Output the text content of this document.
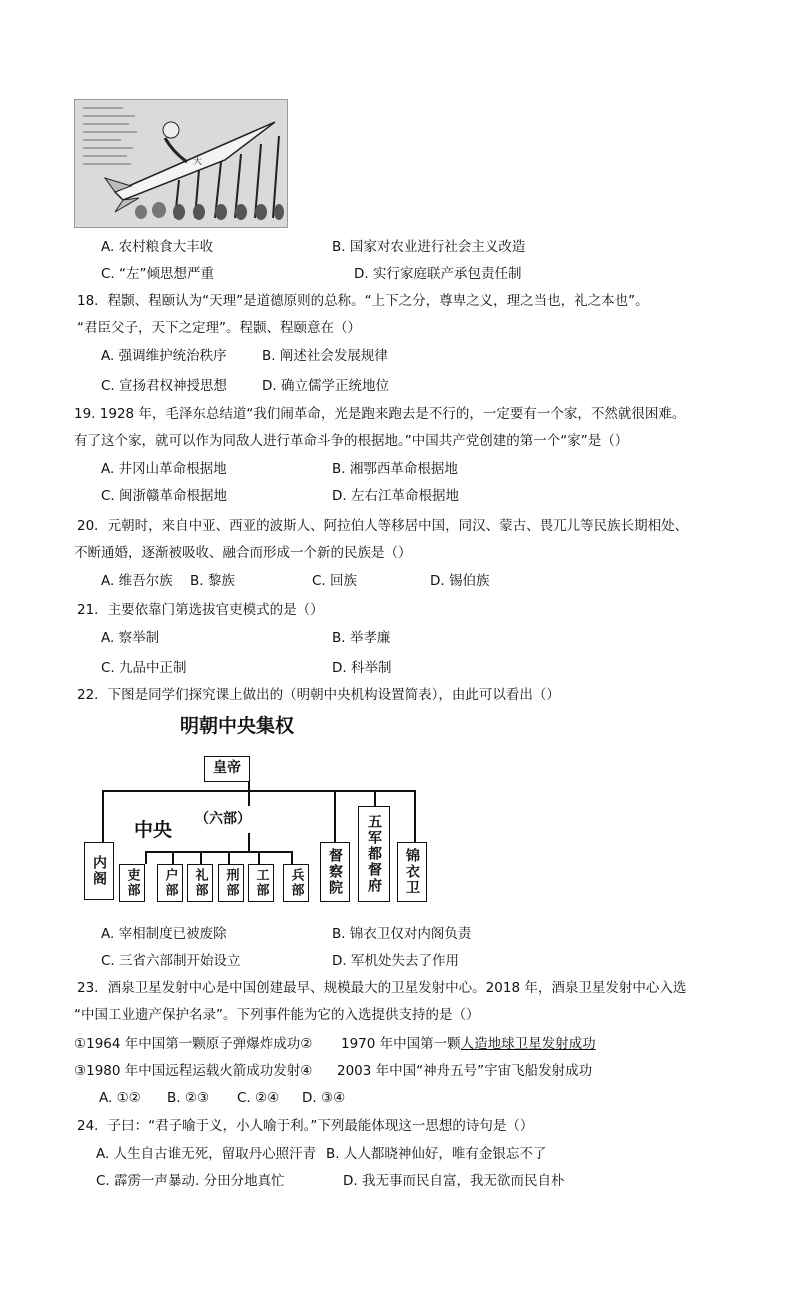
大
A. 农村粮食大丰收	B. 国家对农业进行社会主义改造
C. “左”倾思想严重	D. 实行家庭联产承包责任制
18．程颢、程颐认为“天理”是道德原则的总称。“上下之分，尊卑之义，理之当也，礼之本也”。
“君臣父子，天下之定理”。程颢、程颐意在（）
A. 强调维护统治秩序	B. 阐述社会发展规律
C. 宣扬君权神授思想	D. 确立儒学正统地位
19. 1928 年，毛泽东总结道“我们闹革命，光是跑来跑去是不行的，一定要有一个家，不然就很困难。
有了这个家，就可以作为同敌人进行革命斗争的根据地。”中国共产党创建的第一个“家”是（）
A. 井冈山革命根据地	B. 湘鄂西革命根据地
C. 闽浙赣革命根据地	D. 左右江革命根据地
20．元朝时，来自中亚、西亚的波斯人、阿拉伯人等移居中国，同汉、蒙古、畏兀儿等民族长期相处、
不断通婚，逐渐被吸收、融合而形成一个新的民族是（）
A. 维吾尔族 B. 黎族	C. 回族	D. 锡伯族
21．主要依靠门第选拔官吏模式的是（）
A. 察举制	B. 举孝廉
C. 九品中正制	D. 科举制
22．下图是同学们探究课上做出的（明朝中央机构设置简表），由此可以看出（）
明朝中央集权
皇帝
中央 （六部）
内阁	吏部	户部	礼部	刑部	工部	兵部	督察院	五军都督府	锦衣卫
A. 宰相制度已被废除	B. 锦衣卫仅对内阁负责
C. 三省六部制开始设立	D. 军机处失去了作用
23．酒泉卫星发射中心是中国创建最早、规模最大的卫星发射中心。2018 年，酒泉卫星发射中心入选
“中国工业遗产保护名录”。下列事件能为它的入选提供支持的是（）
①1964 年中国第一颗原子弹爆炸成功② 1970 年中国第一颗人造地球卫星发射成功
③1980 年中国远程运载火箭成功发射④ 2003 年中国“神舟五号”宇宙飞船发射成功
A. ①② B. ②③ C. ②④ D. ③④
24．子曰：“君子喻于义，小人喻于利。”下列最能体现这一思想的诗句是（）
A. 人生自古谁无死，留取丹心照汗青 B. 人人都晓神仙好，唯有金银忘不了
C. 霹雳一声暴动. 分田分地真忙	D. 我无事而民自富，我无欲而民自朴
